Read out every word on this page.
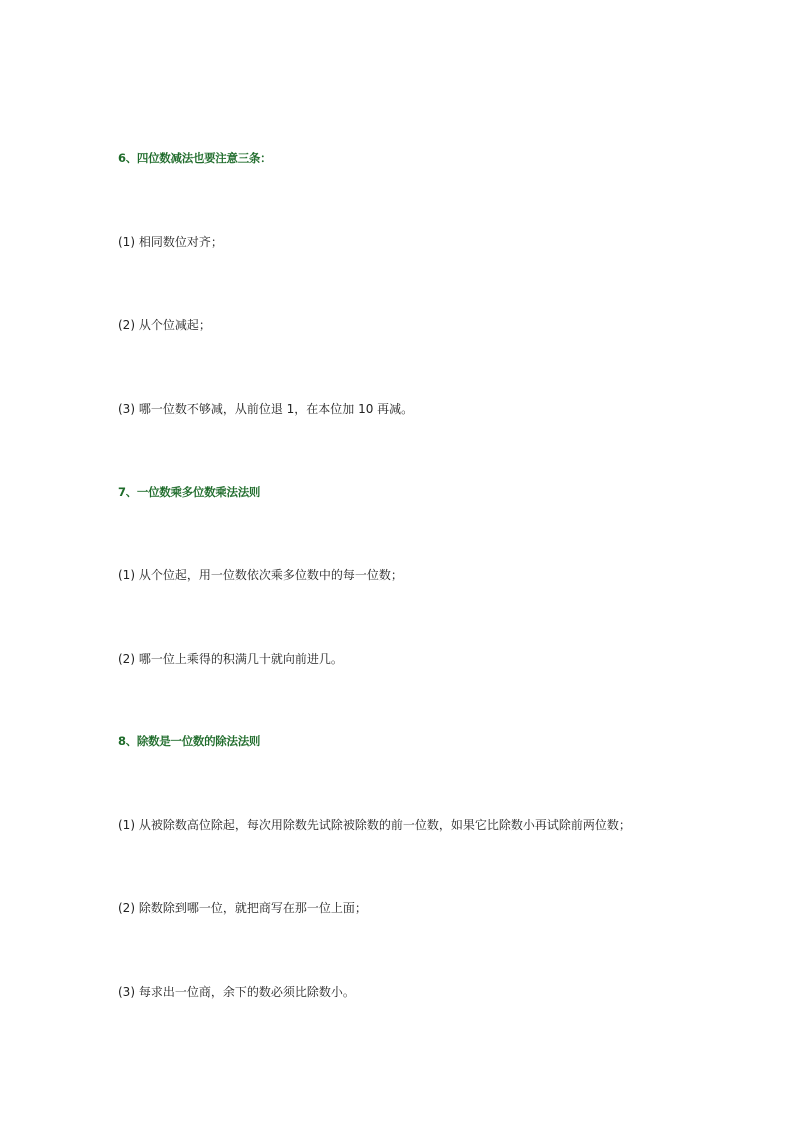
6、四位数减法也要注意三条：
(1) 相同数位对齐；
(2) 从个位减起；
(3) 哪一位数不够减，从前位退 1，在本位加 10 再减。
7、一位数乘多位数乘法法则
(1) 从个位起，用一位数依次乘多位数中的每一位数；
(2) 哪一位上乘得的积满几十就向前进几。
8、除数是一位数的除法法则
(1) 从被除数高位除起，每次用除数先试除被除数的前一位数，如果它比除数小再试除前两位数；
(2) 除数除到哪一位，就把商写在那一位上面；
(3) 每求出一位商，余下的数必须比除数小。
